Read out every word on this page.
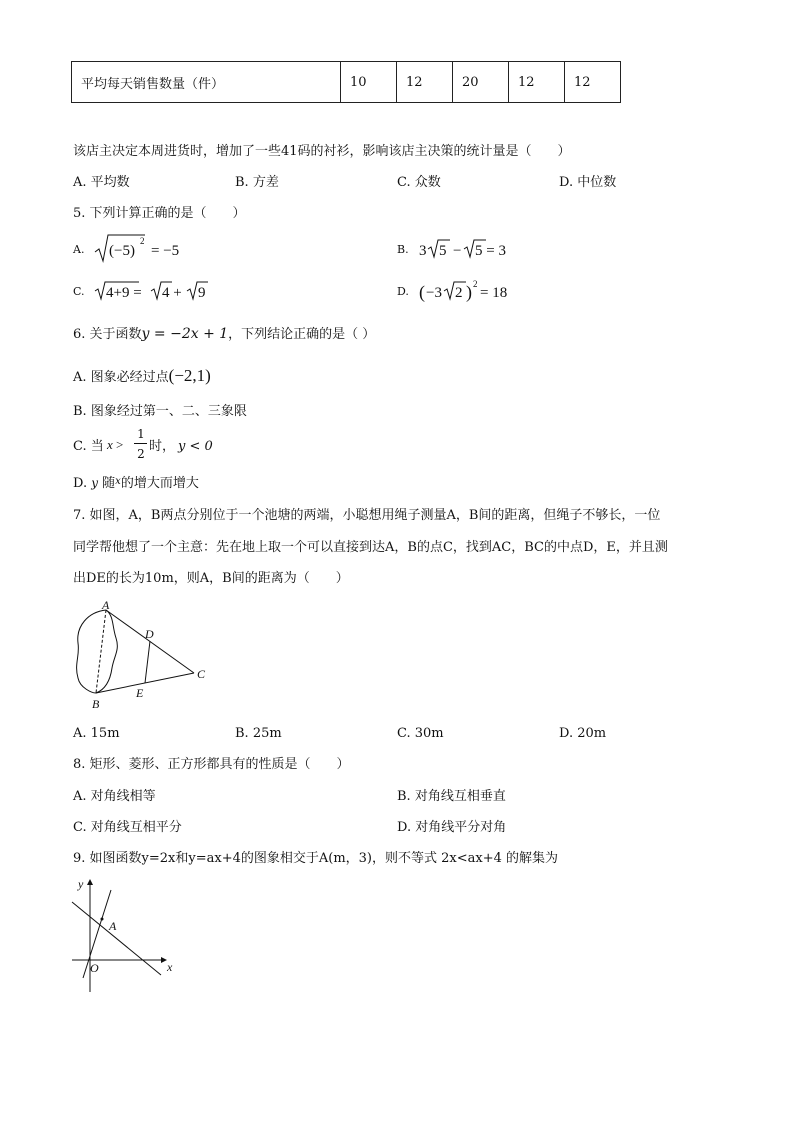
平均每天销售数量（件）	10	12	20	12	12
该店主决定本周进货时，增加了一些41码的衬衫，影响该店主决策的统计量是（　　）
A. 平均数	B. 方差	C. 众数	D. 中位数
5. 下列计算正确的是（　　）
A. (−5)
2
= −5	B. 3 5 − 5 = 3
C. 4+9 = 4 + 9	D. ( −3 2 ) 2
= 18
6. 关于函数y = −2x + 1，下列结论正确的是（ ）
A. 图象必经过点(−2,1)
B. 图象经过第一、二、三象限
C. 当 x >
1
2 时， y < 0
D. y 随$^x$的增大而增大
7. 如图，A，B两点分别位于一个池塘的两端，小聪想用绳子测量A，B间的距离，但绳子不够长，一位
同学帮他想了一个主意：先在地上取一个可以直接到达A，B的点C，找到AC，BC的中点D，E，并且测
出DE的长为10m，则A，B间的距离为（　　）
A
B
C
D
E
A. 15m	B. 25m	C. 30m	D. 20m
8. 矩形、菱形、正方形都具有的性质是（　　）
A. 对角线相等	B. 对角线互相垂直
C. 对角线互相平分	D. 对角线平分对角
9. 如图函数y=2x和y=ax+4的图象相交于A(m，3)，则不等式 2x<ax+4 的解集为
y
x
O
A
